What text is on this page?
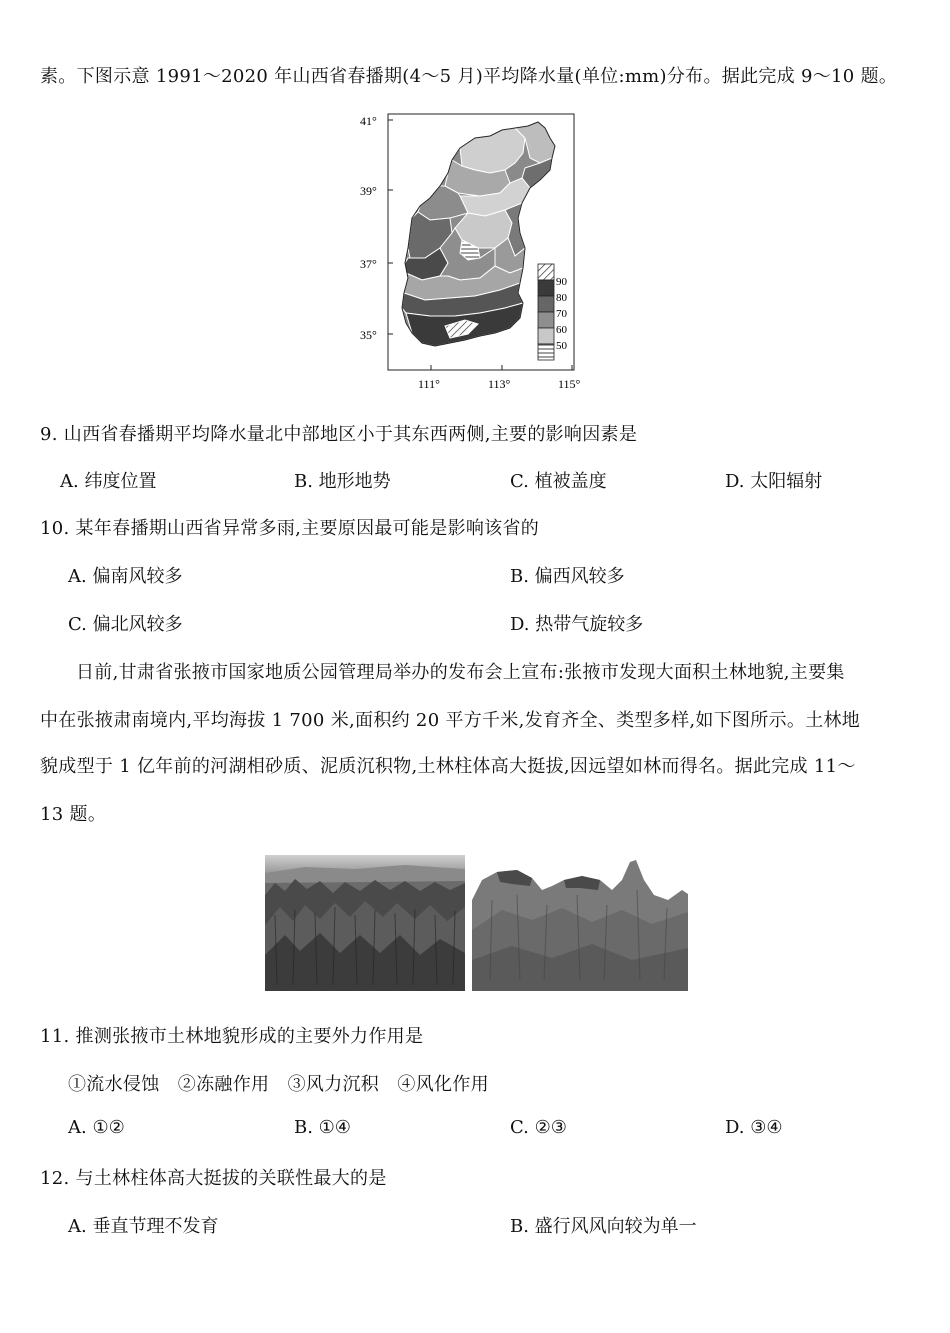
素。下图示意 1991～2020 年山西省春播期(4～5 月)平均降水量(单位:mm)分布。据此完成 9～10 题。
41°
39°
37°
35°
111°	113°	115°
90
80
70
60
50
9. 山西省春播期平均降水量北中部地区小于其东西两侧,主要的影响因素是
A. 纬度位置	B. 地形地势	C. 植被盖度	D. 太阳辐射
10. 某年春播期山西省异常多雨,主要原因最可能是影响该省的
A. 偏南风较多	B. 偏西风较多
C. 偏北风较多	D. 热带气旋较多
日前,甘肃省张掖市国家地质公园管理局举办的发布会上宣布:张掖市发现大面积土林地貌,主要集
中在张掖肃南境内,平均海拔 1 700 米,面积约 20 平方千米,发育齐全、类型多样,如下图所示。土林地
貌成型于 1 亿年前的河湖相砂质、泥质沉积物,土林柱体高大挺拔,因远望如林而得名。据此完成 11～
13 题。
11. 推测张掖市土林地貌形成的主要外力作用是
①流水侵蚀　②冻融作用　③风力沉积　④风化作用
A. ①②	B. ①④	C. ②③	D. ③④
12. 与土林柱体高大挺拔的关联性最大的是
A. 垂直节理不发育	B. 盛行风风向较为单一
